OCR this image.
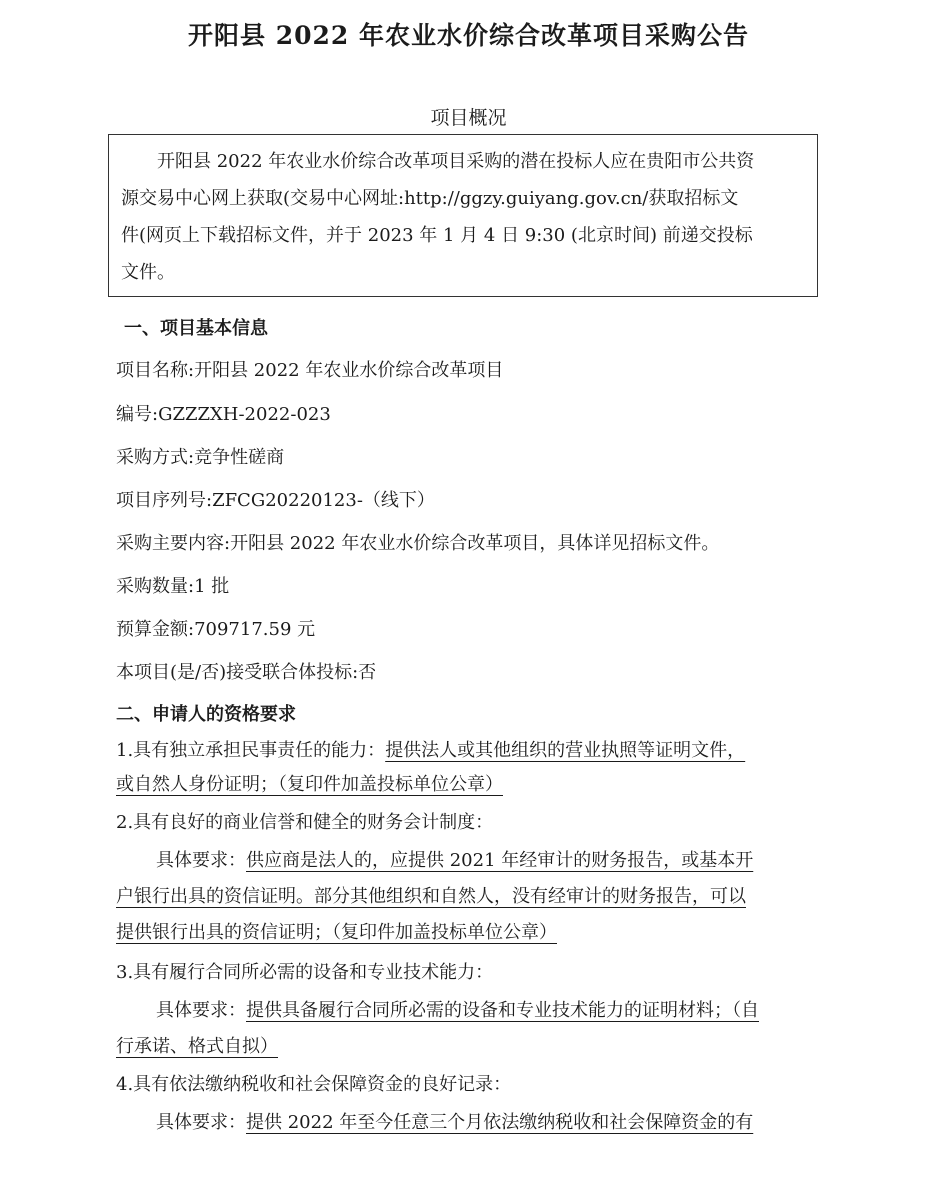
开阳县 2022 年农业水价综合改革项目采购公告
项目概况
开阳县 2022 年农业水价综合改革项目采购的潜在投标人应在贵阳市公共资
源交易中心网上获取(交易中心网址:http://ggzy.guiyang.gov.cn/获取招标文
件(网页上下载招标文件，并于 2023 年 1 月 4 日 9:30 (北京时间) 前递交投标
文件。
一、项目基本信息
项目名称:开阳县 2022 年农业水价综合改革项目
编号:GZZZXH-2022-023
采购方式:竞争性磋商
项目序列号:ZFCG20220123-（线下）
采购主要内容:开阳县 2022 年农业水价综合改革项目，具体详见招标文件。
采购数量:1 批
预算金额:709717.59 元
本项目(是/否)接受联合体投标:否
二、申请人的资格要求
1.具有独立承担民事责任的能力：提供法人或其他组织的营业执照等证明文件，
或自然人身份证明；（复印件加盖投标单位公章）
2.具有良好的商业信誉和健全的财务会计制度：
具体要求：供应商是法人的，应提供 2021 年经审计的财务报告，或基本开
户银行出具的资信证明。部分其他组织和自然人，没有经审计的财务报告，可以
提供银行出具的资信证明；（复印件加盖投标单位公章）
3.具有履行合同所必需的设备和专业技术能力：
具体要求：提供具备履行合同所必需的设备和专业技术能力的证明材料；（自
行承诺、格式自拟）
4.具有依法缴纳税收和社会保障资金的良好记录：
具体要求：提供 2022 年至今任意三个月依法缴纳税收和社会保障资金的有
